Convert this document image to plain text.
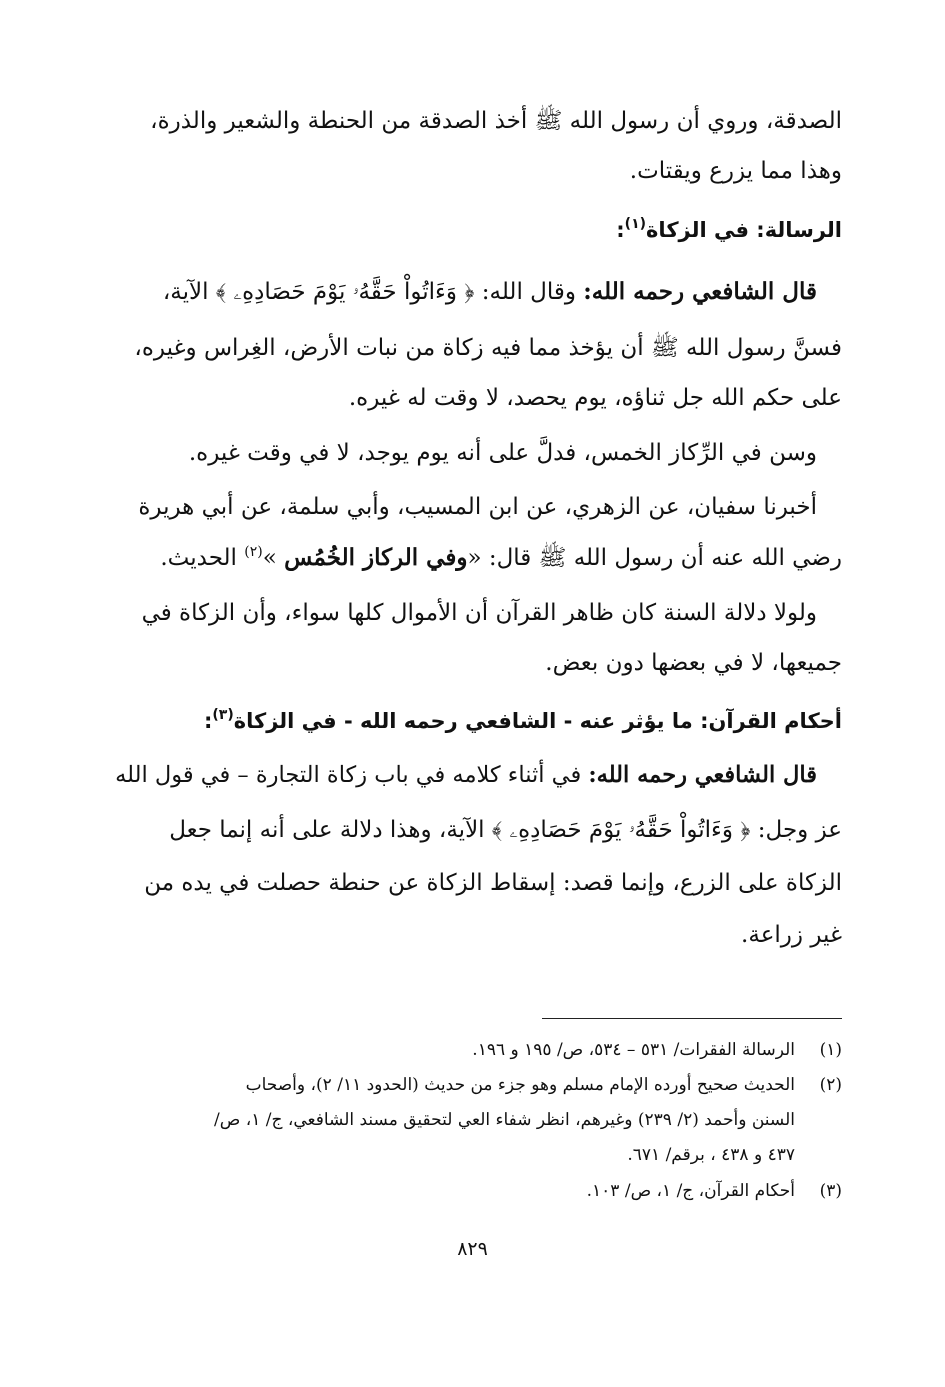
الصدقة، وروي أن رسول الله ﷺ أخذ الصدقة من الحنطة والشعير والذرة،
وهذا مما يزرع ويقتات.
الرسالة: في الزكاة$^{(١)}$:
قال الشافعي رحمه الله: وقال الله: ﴿ وَءَاتُواْ حَقَّهُۥ يَوْمَ حَصَادِهِۦ ﴾ الآية،
فسنَّ رسول الله ﷺ أن يؤخذ مما فيه زكاة من نبات الأرض، الغِراس وغيره،
على حكم الله جل ثناؤه، يوم يحصد، لا وقت له غيره.
وسن في الرِّكاز الخمس، فدلَّ على أنه يوم يوجد، لا في وقت غيره.
أخبرنا سفيان، عن الزهري، عن ابن المسيب، وأبي سلمة، عن أبي هريرة
رضي الله عنه أن رسول الله ﷺ قال: «وفي الركاز الخُمُس »$^{(٢)}$ الحديث.
ولولا دلالة السنة كان ظاهر القرآن أن الأموال كلها سواء، وأن الزكاة في
جميعها، لا في بعضها دون بعض.
أحكام القرآن: ما يؤثر عنه - الشافعي رحمه الله - في الزكاة$^{(٣)}$:
قال الشافعي رحمه الله: في أثناء كلامه في باب زكاة التجارة – في قول الله
عز وجل: ﴿ وَءَاتُواْ حَقَّهُۥ يَوْمَ حَصَادِهِۦ ﴾ الآية، وهذا دلالة على أنه إنما جعل
الزكاة على الزرع، وإنما قصد: إسقاط الزكاة عن حنطة حصلت في يده من
غير زراعة.
(١)الرسالة الفقرات/ ٥٣١ – ٥٣٤، ص/ ١٩٥ و ١٩٦.
(٢)الحديث صحيح أورده الإمام مسلم وهو جزء من حديث (الحدود ١١/ ٢)، وأصحاب
السنن وأحمد (٢/ ٢٣٩) وغيرهم، انظر شفاء العي لتحقيق مسند الشافعي، ج/ ١، ص/
٤٣٧ و ٤٣٨ ، برقم/ ٦٧١.
(٣)أحكام القرآن، ج/ ١، ص/ ١٠٣.
٨٢٩
